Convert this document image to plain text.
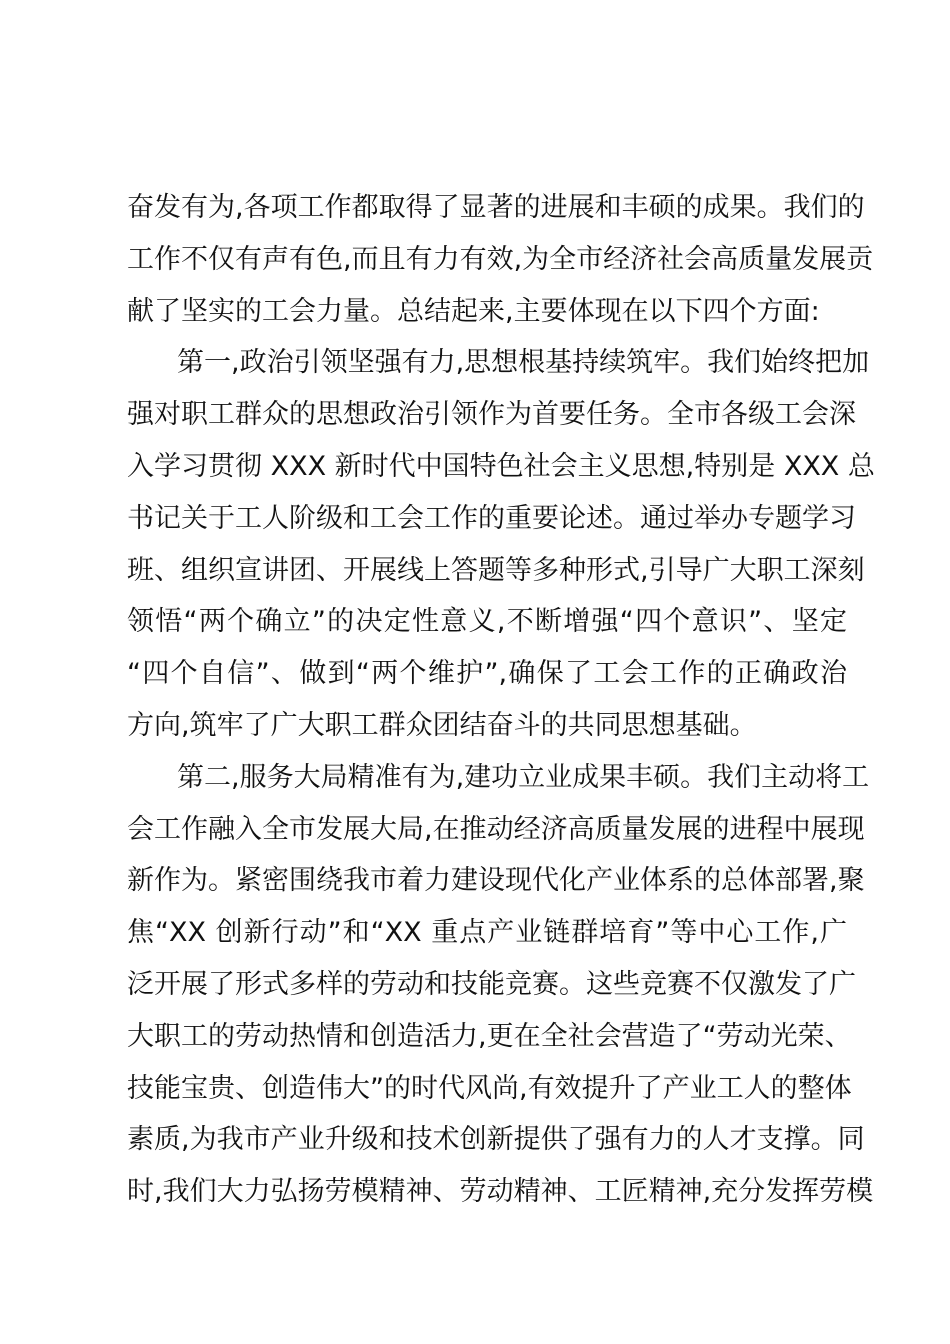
奋发有为,各项工作都取得了显著的进展和丰硕的成果。我们的
工作不仅有声有色,而且有力有效,为全市经济社会高质量发展贡
献了坚实的工会力量。总结起来,主要体现在以下四个方面:
第一,政治引领坚强有力,思想根基持续筑牢。我们始终把加
强对职工群众的思想政治引领作为首要任务。全市各级工会深
入学习贯彻 XXX 新时代中国特色社会主义思想,特别是 XXX 总
书记关于工人阶级和工会工作的重要论述。通过举办专题学习
班、组织宣讲团、开展线上答题等多种形式,引导广大职工深刻
领悟“两个确立”的决定性意义,不断增强“四个意识”、坚定
“四个自信”、做到“两个维护”,确保了工会工作的正确政治
方向,筑牢了广大职工群众团结奋斗的共同思想基础。
第二,服务大局精准有为,建功立业成果丰硕。我们主动将工
会工作融入全市发展大局,在推动经济高质量发展的进程中展现
新作为。紧密围绕我市着力建设现代化产业体系的总体部署,聚
焦“XX 创新行动”和“XX 重点产业链群培育”等中心工作,广
泛开展了形式多样的劳动和技能竞赛。这些竞赛不仅激发了广
大职工的劳动热情和创造活力,更在全社会营造了“劳动光荣、
技能宝贵、创造伟大”的时代风尚,有效提升了产业工人的整体
素质,为我市产业升级和技术创新提供了强有力的人才支撑。同
时,我们大力弘扬劳模精神、劳动精神、工匠精神,充分发挥劳模
